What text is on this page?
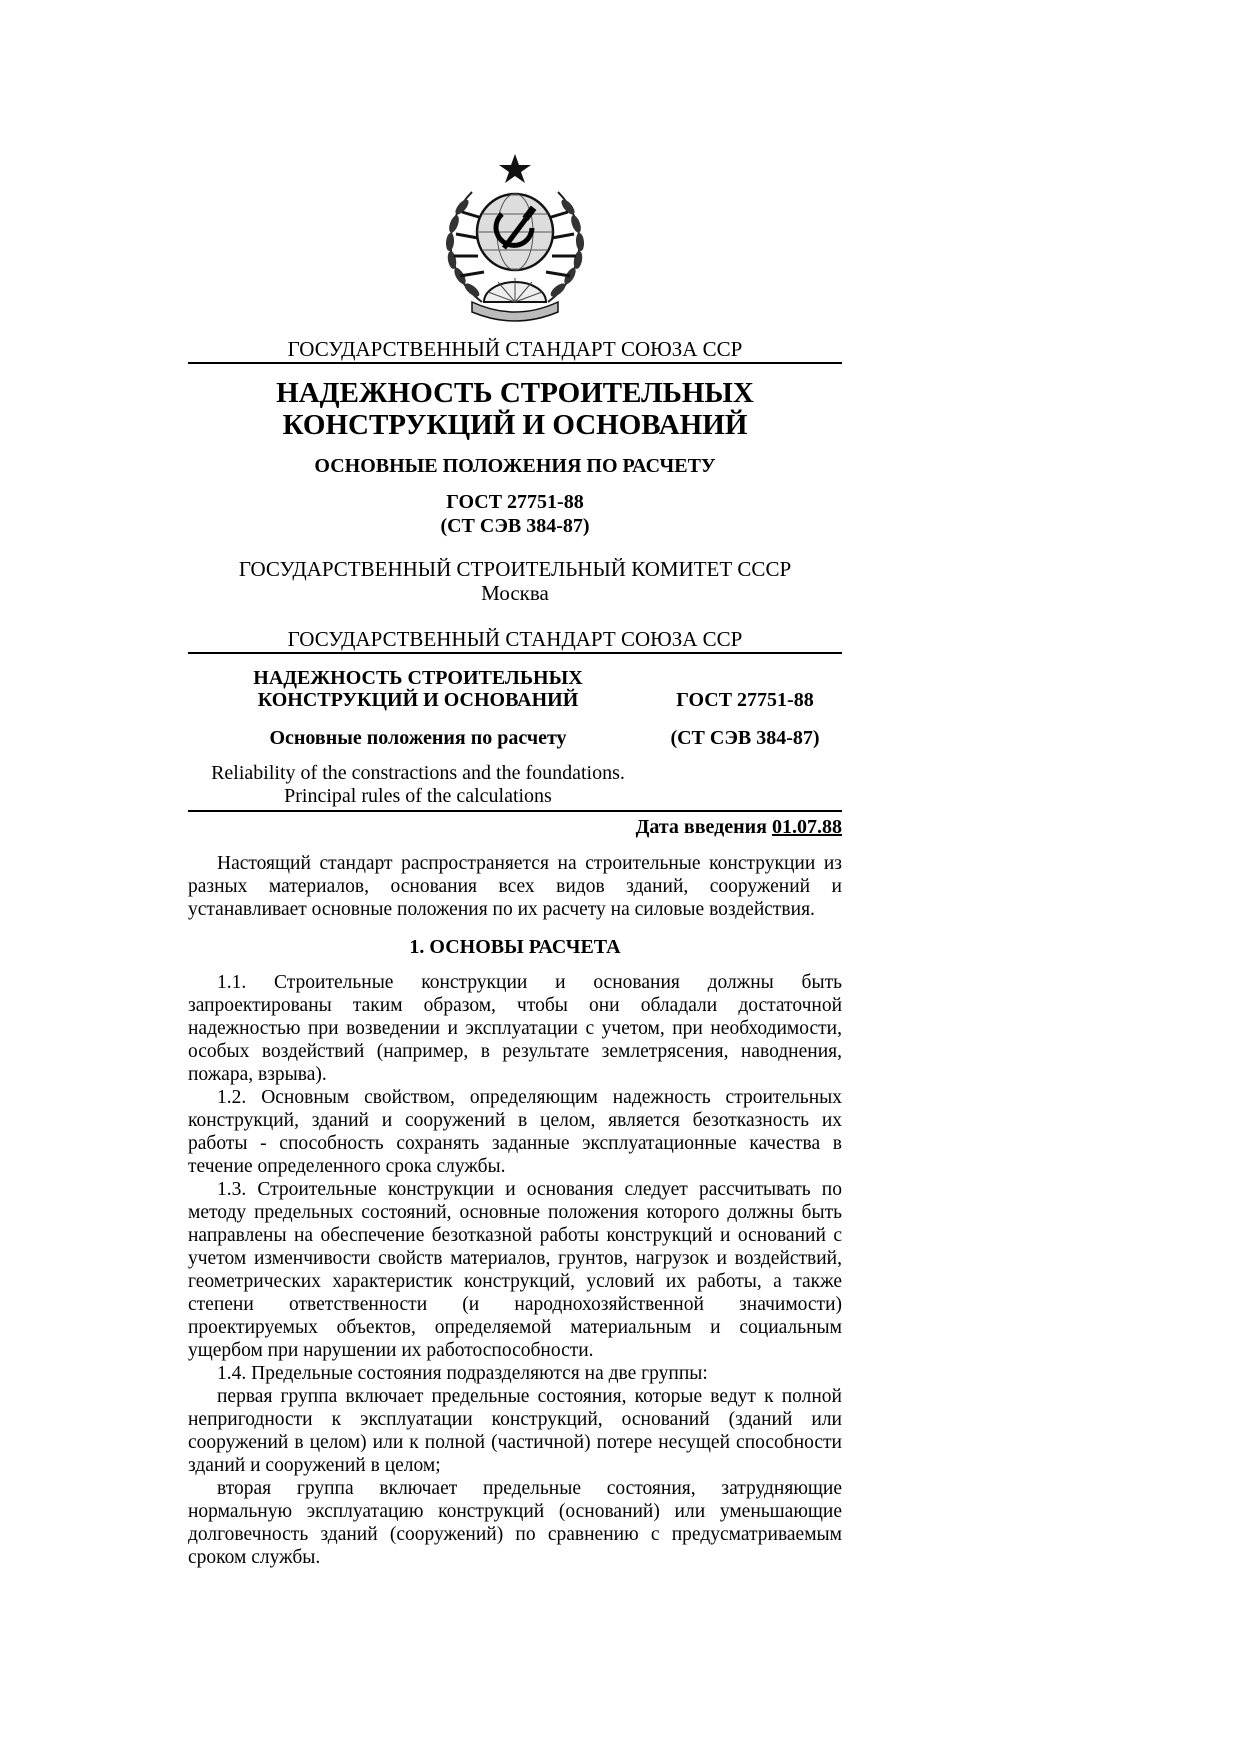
ГОСУДАРСТВЕННЫЙ СТАНДАРТ СОЮЗА ССР
НАДЕЖНОСТЬ СТРОИТЕЛЬНЫХ
КОНСТРУКЦИЙ И ОСНОВАНИЙ
ОСНОВНЫЕ ПОЛОЖЕНИЯ ПО РАСЧЕТУ
ГОСТ 27751-88
(СТ СЭВ 384-87)
ГОСУДАРСТВЕННЫЙ СТРОИТЕЛЬНЫЙ КОМИТЕТ СССР
Москва
ГОСУДАРСТВЕННЫЙ СТАНДАРТ СОЮЗА ССР
НАДЕЖНОСТЬ СТРОИТЕЛЬНЫХ
КОНСТРУКЦИЙ И ОСНОВАНИЙ	ГОСТ 27751-88
Основные положения по расчету	(СТ СЭВ 384-87)
Reliability of the constractions and the foundations.
Principal rules of the calculations
Дата введения 01.07.88

Настоящий стандарт распространяется на строительные конструкции из разных материалов, основания всех видов зданий, сооружений и устанавливает основные положения по их расчету на силовые воздействия.

1. ОСНОВЫ РАСЧЕТА

1.1. Строительные конструкции и основания должны быть запроектированы таким образом, чтобы они обладали достаточной надежностью при возведении и эксплуатации с учетом, при необходимости, особых воздействий (например, в результате землетрясения, наводнения, пожара, взрыва).

1.2. Основным свойством, определяющим надежность строительных конструкций, зданий и сооружений в целом, является безотказность их работы - способность сохранять заданные эксплуатационные качества в течение определенного срока службы.

1.3. Строительные конструкции и основания следует рассчитывать по методу предельных состояний, основные положения которого должны быть направлены на обеспечение безотказной работы конструкций и оснований с учетом изменчивости свойств материалов, грунтов, нагрузок и воздействий, геометрических характеристик конструкций, условий их работы, а также степени ответственности (и народнохозяйственной значимости) проектируемых объектов, определяемой материальным и социальным ущербом при нарушении их работоспособности.

1.4. Предельные состояния подразделяются на две группы:

первая группа включает предельные состояния, которые ведут к полной непригодности к эксплуатации конструкций, оснований (зданий или сооружений в целом) или к полной (частичной) потере несущей способности зданий и сооружений в целом;

вторая группа включает предельные состояния, затрудняющие нормальную эксплуатацию конструкций (оснований) или уменьшающие долговечность зданий (сооружений) по сравнению с предусматриваемым сроком службы.
